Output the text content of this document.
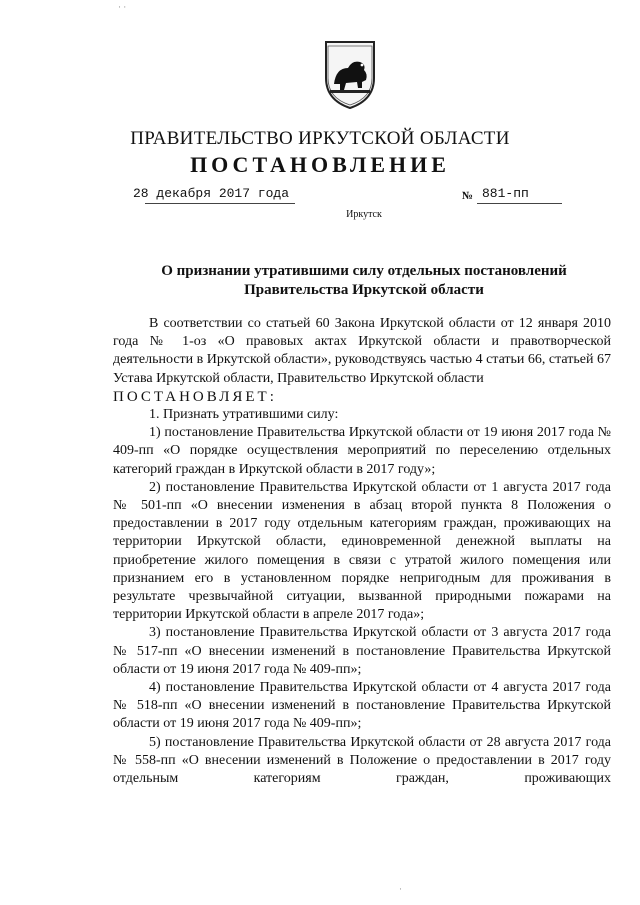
· ·
ПРАВИТЕЛЬСТВО ИРКУТСКОЙ ОБЛАСТИ
ПОСТАНОВЛЕНИЕ
28 декабря 2017 года	№ 881-пп
Иркутск
О признании утратившими силу отдельных постановлений
Правительства Иркутской области

В соответствии со статьей 60 Закона Иркутской области от 12 января 2010 года № 1-оз «О правовых актах Иркутской области и правотворческой деятельности в Иркутской области», руководствуясь частью 4 статьи 66, статьей 67 Устава Иркутской области, Правительство Иркутской области

ПОСТАНОВЛЯЕТ:

1. Признать утратившими силу:

1) постановление Правительства Иркутской области от 19 июня 2017 года № 409-пп «О порядке осуществления мероприятий по переселению отдельных категорий граждан в Иркутской области в 2017 году»;

2) постановление Правительства Иркутской области от 1 августа 2017 года № 501-пп «О внесении изменения в абзац второй пункта 8 Положения о предоставлении в 2017 году отдельным категориям граждан, проживающих на территории Иркутской области, единовременной денежной выплаты на приобретение жилого помещения в связи с утратой жилого помещения или признанием его в установленном порядке непригодным для проживания в результате чрезвычайной ситуации, вызванной природными пожарами на территории Иркутской области в апреле 2017 года»;

3) постановление Правительства Иркутской области от 3 августа 2017 года № 517-пп «О внесении изменений в постановление Правительства Иркутской области от 19 июня 2017 года № 409-пп»;

4) постановление Правительства Иркутской области от 4 августа 2017 года № 518-пп «О внесении изменений в постановление Правительства Иркутской области от 19 июня 2017 года № 409-пп»;

5) постановление Правительства Иркутской области от 28 августа 2017 года № 558-пп «О внесении изменений в Положение о предоставлении в 2017 году отдельным категориям граждан, проживающих

·
